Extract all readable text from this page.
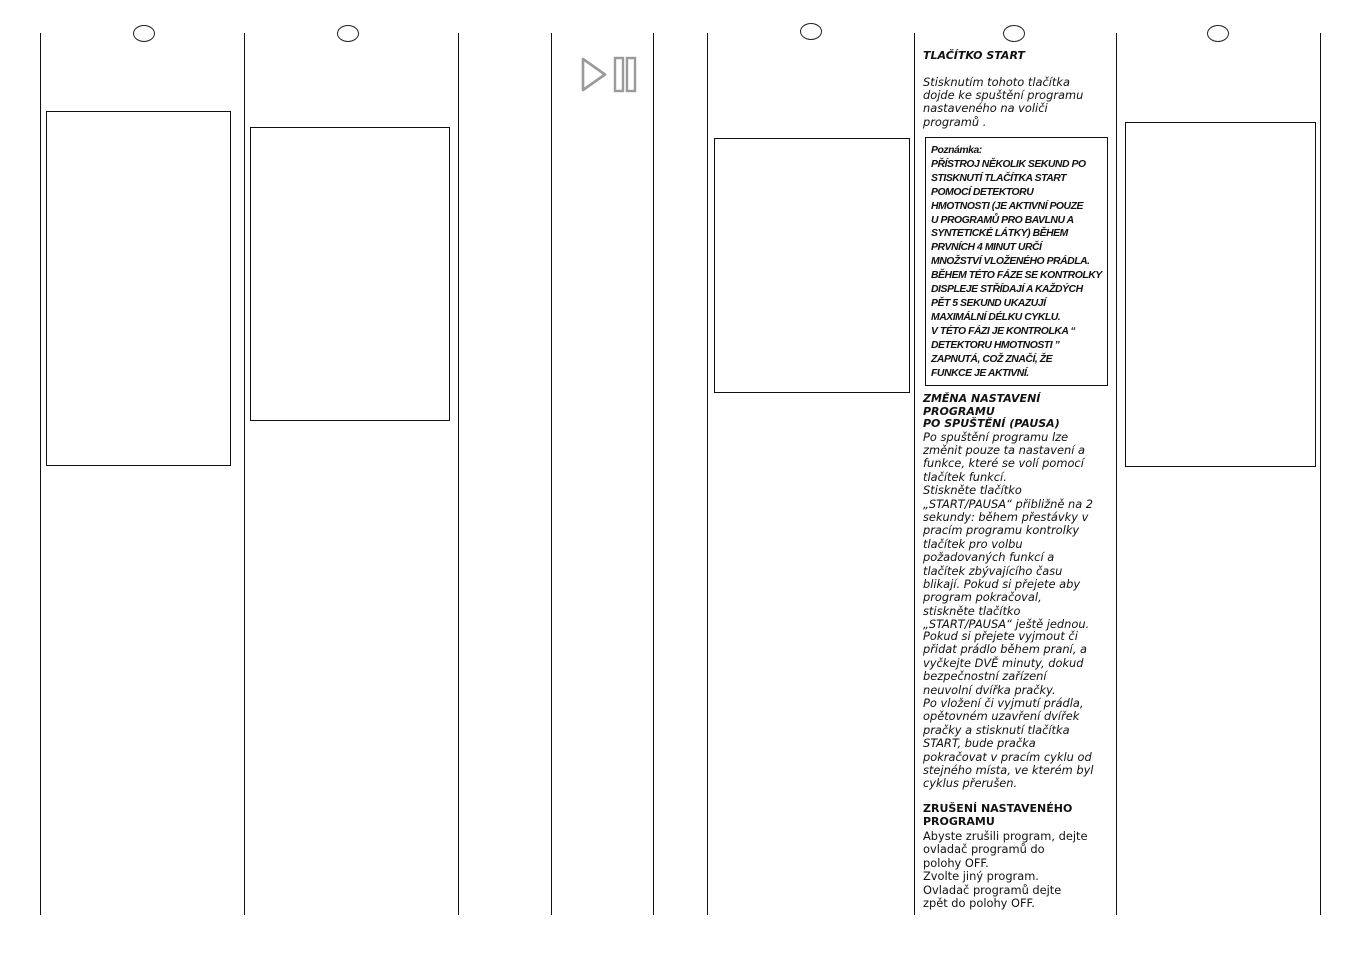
TLAČÍTKO START

Stisknutím tohoto tlačítka

dojde ke spuštění programu

nastaveného na voliči

programů .

Poznámka:
PŘÍSTROJ NĚKOLIK SEKUND PO
STISKNUTÍ TLAČÍTKA START
POMOCÍ DETEKTORU
HMOTNOSTI (JE AKTIVNÍ POUZE
U PROGRAMŮ PRO BAVLNU A
SYNTETICKÉ LÁTKY) BĚHEM
PRVNÍCH 4 MINUT URČÍ
MNOŽSTVÍ VLOŽENÉHO PRÁDLA.
BĚHEM TÉTO FÁZE SE KONTROLKY
DISPLEJE STŘÍDAJÍ A KAŽDÝCH
PĚT 5 SEKUND UKAZUJÍ
MAXIMÁLNÍ DÉLKU CYKLU.
V TÉTO FÁZI JE KONTROLKA “
DETEKTORU HMOTNOSTI ”
ZAPNUTÁ, COŽ ZNAČÍ, ŽE
FUNKCE JE AKTIVNÍ.
ZMĚNA NASTAVENÍ PROGRAMU
PO SPUŠTĚNÍ (PAUSA)
Po spuštění programu lze
změnit pouze ta nastavení a
funkce, které se volí pomocí
tlačítek funkcí.
Stiskněte tlačítko
„START/PAUSA“ přibližně na 2
sekundy: během přestávky v
pracím programu kontrolky
tlačítek pro volbu
požadovaných funkcí a
tlačítek zbývajícího času
blikají. Pokud si přejete aby
program pokračoval,
stiskněte tlačítko
„START/PAUSA“ ještě jednou.
Pokud si přejete vyjmout či
přidat prádlo během praní, a
vyčkejte DVĚ minuty, dokud
bezpečnostní zařízení
neuvolní dvířka pračky.
Po vložení či vyjmutí prádla,
opětovném uzavření dvířek
pračky a stisknutí tlačítka
START, bude pračka
pokračovat v pracím cyklu od
stejného místa, ve kterém byl
cyklus přerušen.
ZRUŠENÍ NASTAVENÉHO
PROGRAMU
Abyste zrušili program, dejte
ovladač programů do
polohy OFF.
Zvolte jiný program.
Ovladač programů dejte
zpět do polohy OFF.
